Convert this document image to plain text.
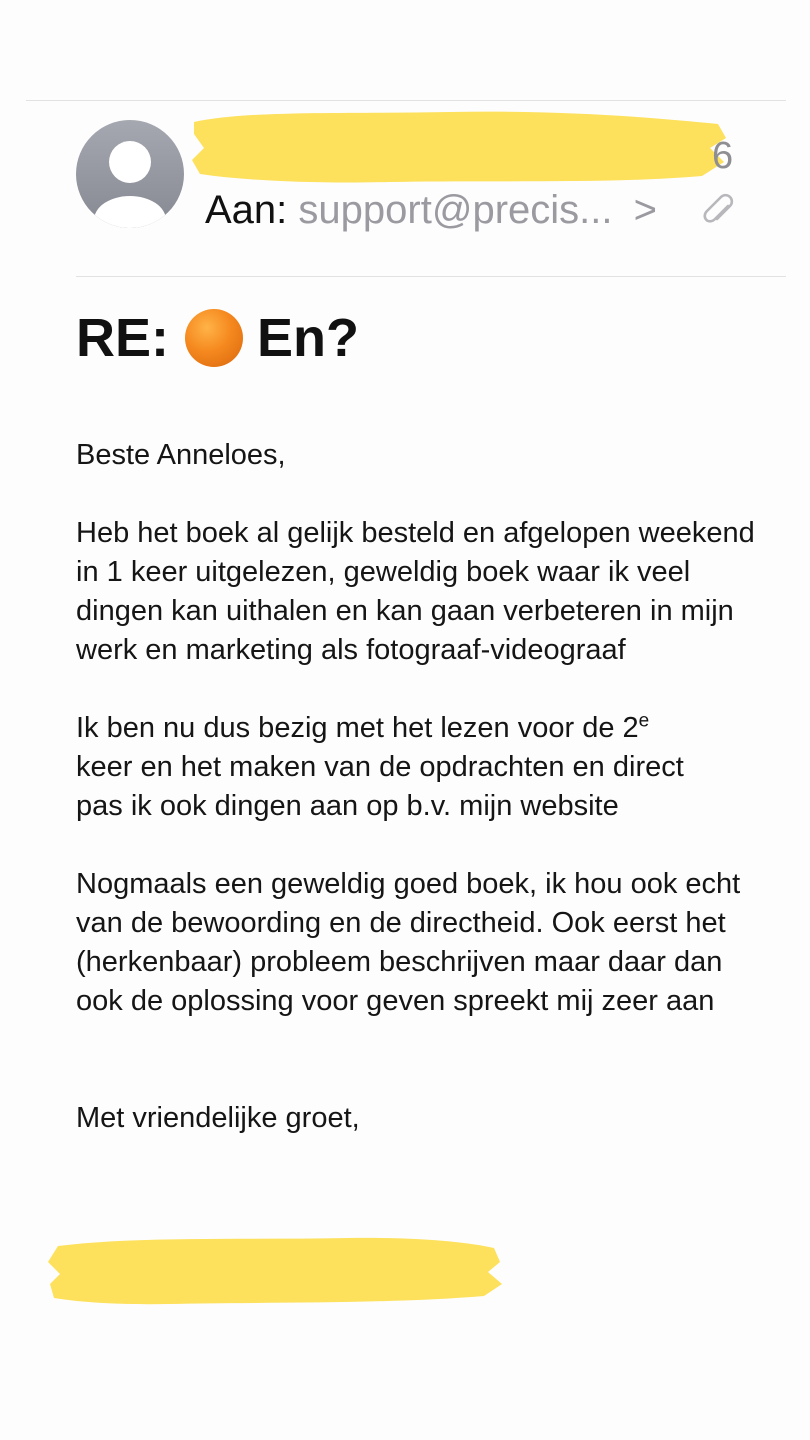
6
Aan: support@precis... >
RE: En?

Beste Anneloes,

Heb het boek al gelijk besteld en afgelopen weekend in 1 keer uitgelezen, geweldig boek waar ik veel dingen kan uithalen en kan gaan verbeteren in mijn werk en marketing als fotograaf-videograaf

Ik ben nu dus bezig met het lezen voor de 2e
keer en het maken van de opdrachten en direct
pas ik ook dingen aan op b.v. mijn website

Nogmaals een geweldig goed boek, ik hou ook echt van de bewoording en de directheid. Ook eerst het (herkenbaar) probleem beschrijven maar daar dan ook de oplossing voor geven spreekt mij zeer aan

Met vriendelijke groet,
